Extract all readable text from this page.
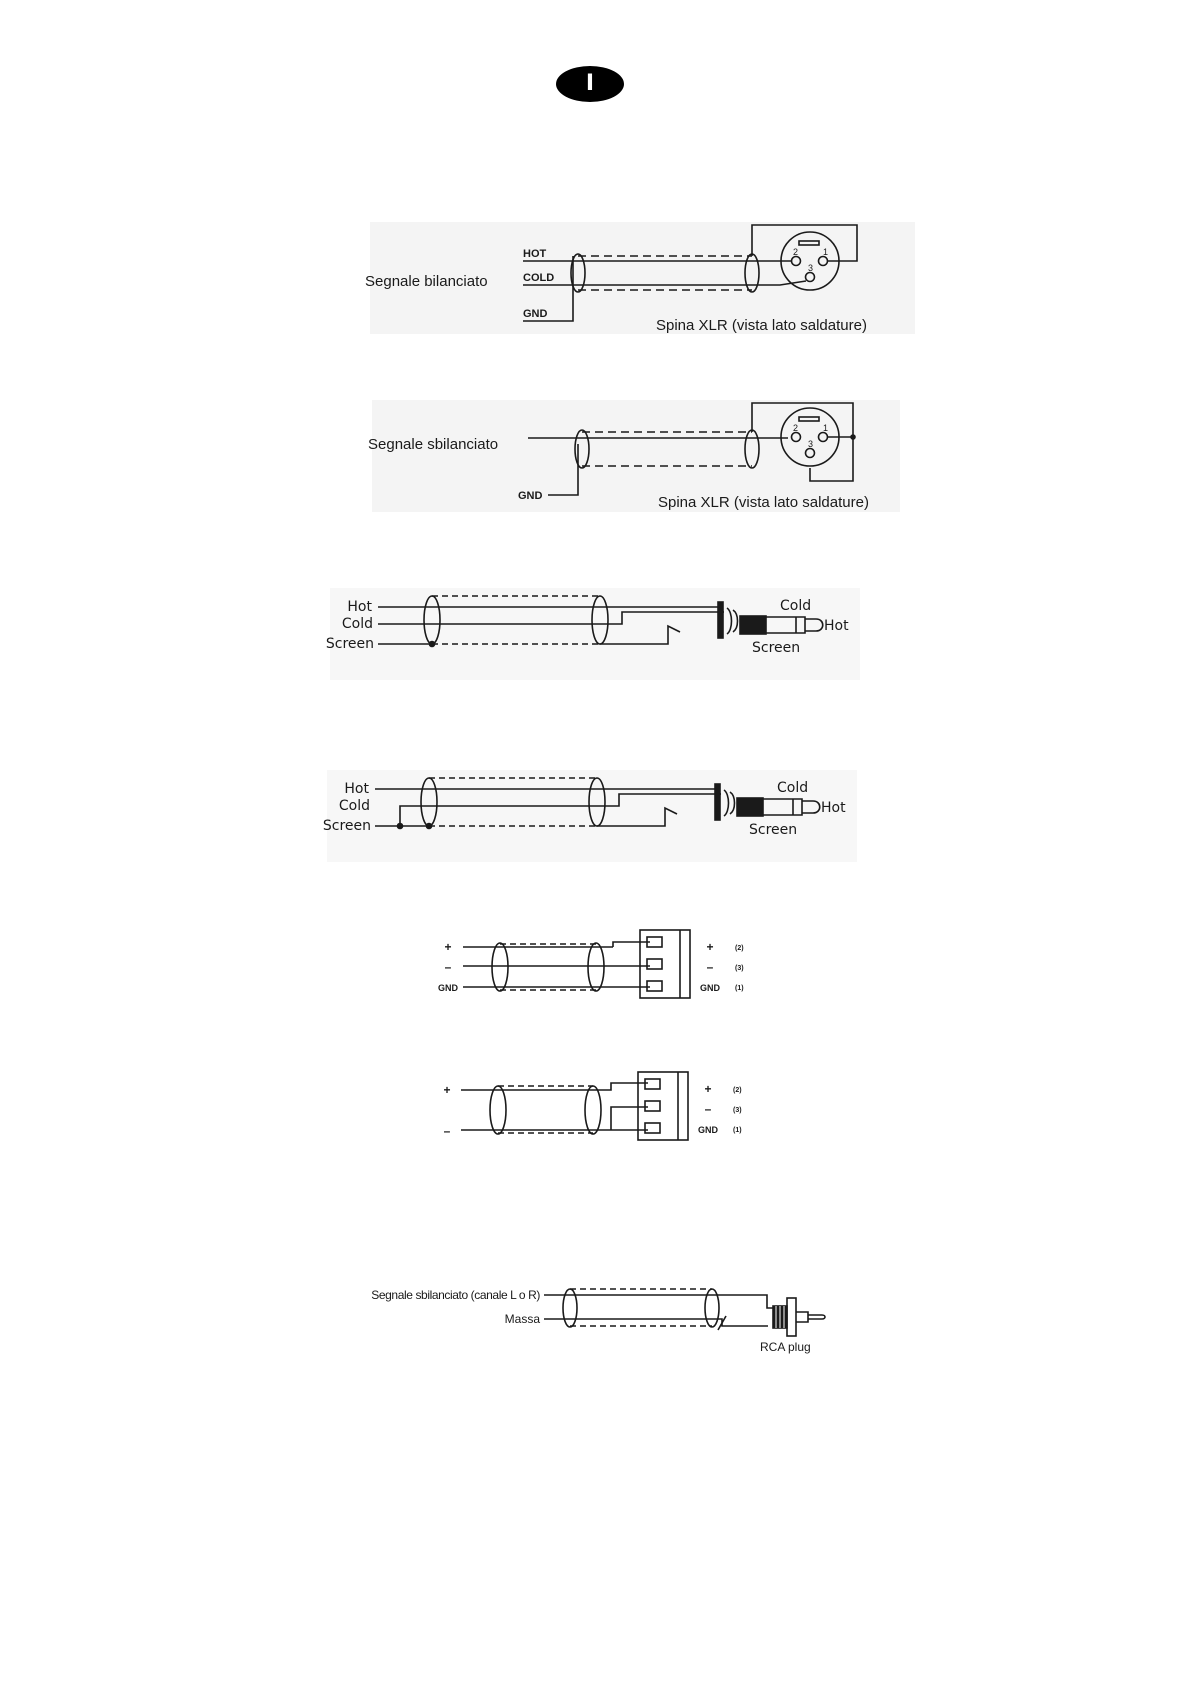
I
Segnale bilanciato
HOT
COLD
GND
2	1
3
Spina XLR (vista lato saldature)
Segnale sbilanciato
GND
2	1
3
Spina XLR (vista lato saldature)
Hot
Cold
Screen
Cold
Hot
Screen
Hot
Cold
Screen
Cold
Hot
Screen
+
–
GND
+
–
GND
(2)
(3)
(1)
+
–
+
–
GND
(2)
(3)
(1)
Segnale sbilanciato (canale L o R)
Massa
RCA plug
